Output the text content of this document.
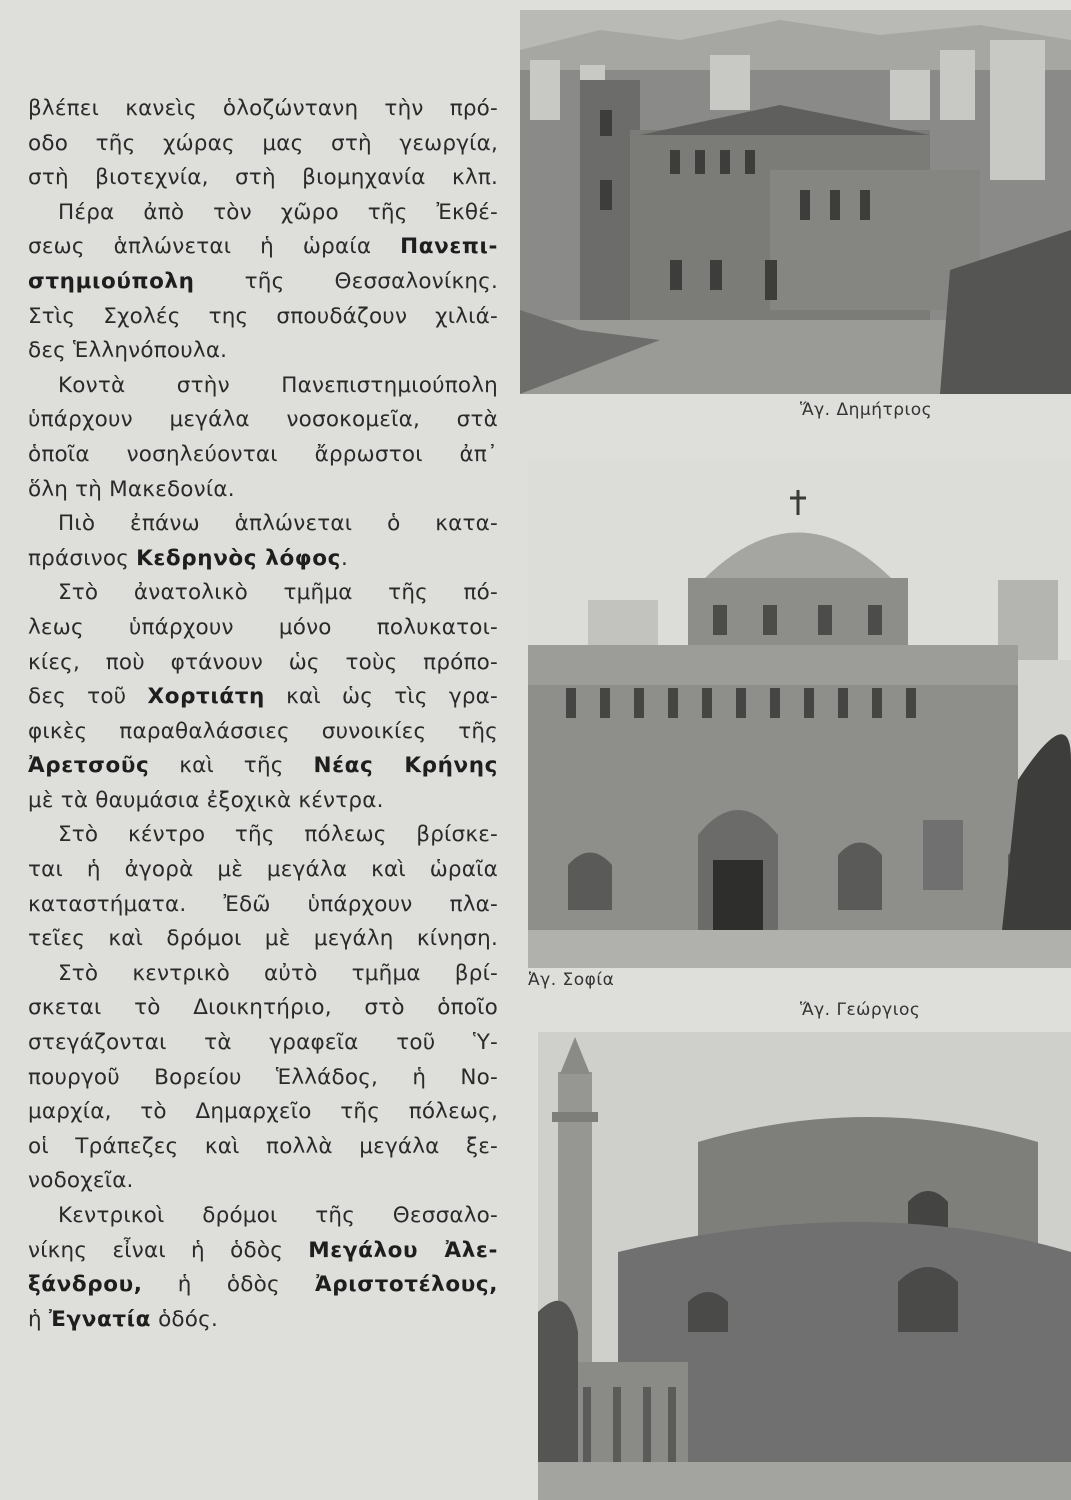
βλέπει κανεὶς ὁλοζώντανη τὴν πρό-
οδο τῆς χώρας μας στὴ γεωργία,
στὴ βιοτεχνία, στὴ βιομηχανία κλπ.

Πέρα ἀπὸ τὸν χῶρο τῆς Ἐκθέ-
σεως ἁπλώνεται ἡ ὡραία Πανεπι-
στημιούπολη τῆς Θεσσαλονίκης.
Στὶς Σχολές της σπουδάζουν χιλιά-
δες Ἑλληνόπουλα.

Κοντὰ στὴν Πανεπιστημιούπολη
ὑπάρχουν μεγάλα νοσοκομεῖα, στὰ
ὁποῖα νοσηλεύονται ἄρρωστοι ἀπ᾿
ὅλη τὴ Μακεδονία.

Πιὸ ἐπάνω ἁπλώνεται ὁ κατα-
πράσινος Κεδρηνὸς λόφος.

Στὸ ἀνατολικὸ τμῆμα τῆς πό-
λεως ὑπάρχουν μόνο πολυκατοι-
κίες, ποὺ φτάνουν ὡς τοὺς πρόπο-
δες τοῦ Χορτιάτη καὶ ὡς τὶς γρα-
φικὲς παραθαλάσσιες συνοικίες τῆς
Ἀρετσοῦς καὶ τῆς Νέας Κρήνης
μὲ τὰ θαυμάσια ἐξοχικὰ κέντρα.

Στὸ κέντρο τῆς πόλεως βρίσκε-
ται ἡ ἀγορὰ μὲ μεγάλα καὶ ὡραῖα
καταστήματα. Ἐδῶ ὑπάρχουν πλα-
τεῖες καὶ δρόμοι μὲ μεγάλη κίνηση.

Στὸ κεντρικὸ αὐτὸ τμῆμα βρί-
σκεται τὸ Διοικητήριο, στὸ ὁποῖο
στεγάζονται τὰ γραφεῖα τοῦ Ὑ-
πουργοῦ Βορείου Ἑλλάδος, ἡ Νο-
μαρχία, τὸ Δημαρχεῖο τῆς πόλεως,
οἱ Τράπεζες καὶ πολλὰ μεγάλα ξε-
νοδοχεῖα.

Κεντρικοὶ δρόμοι τῆς Θεσσαλο-
νίκης εἶναι ἡ ὁδὸς Μεγάλου Ἀλε-
ξάνδρου, ἡ ὁδὸς Ἀριστοτέλους,
ἡ Ἐγνατία ὁδός.

Ἅγ. Δημήτριος
Ἁγ. Σοφία
Ἅγ. Γεώργιος
